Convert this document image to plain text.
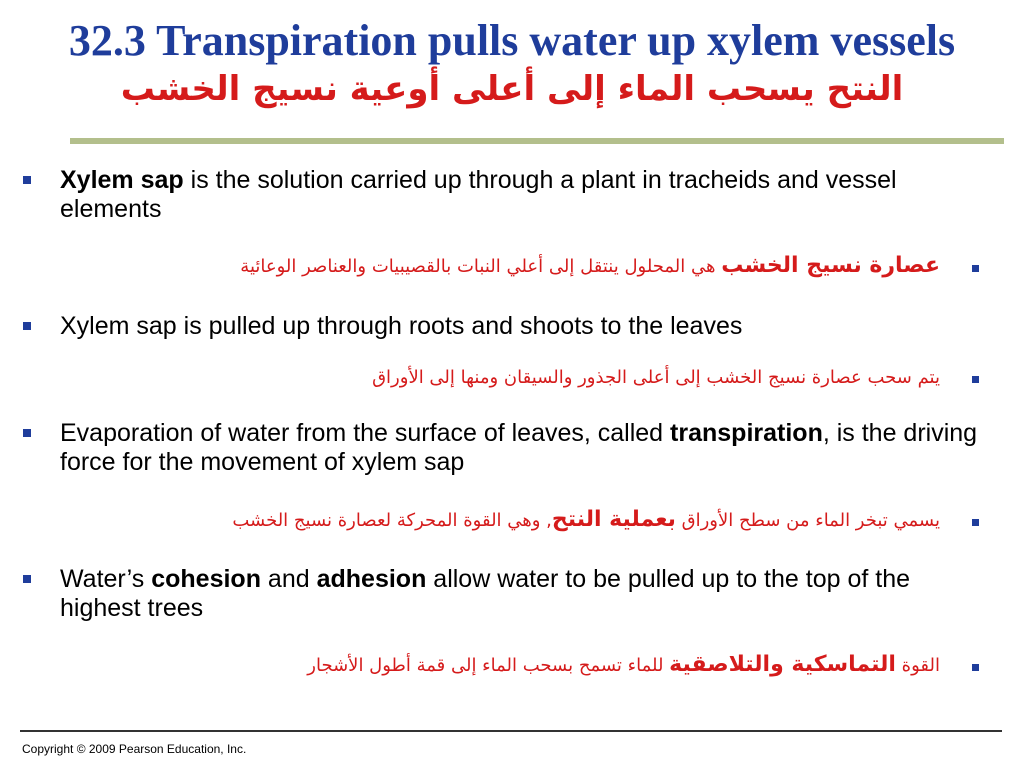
32.3 Transpiration pulls water up xylem vessels
النتح يسحب الماء إلى أعلى أوعية نسيج الخشب
Xylem sap is the solution carried up through a plant in tracheids and vessel elements
عصارة نسيج الخشب هي المحلول ينتقل إلى أعلي النبات بالقصيبيات والعناصر الوعائية
Xylem sap is pulled up through roots and shoots to the leaves
يتم سحب عصارة نسيج الخشب إلى أعلى الجذور والسيقان ومنها إلى الأوراق
Evaporation of water from the surface of leaves, called transpiration, is the driving force for the movement of xylem sap
يسمي تبخر الماء من سطح الأوراق بعملية النتح, وهي القوة المحركة لعصارة نسيج الخشب
Water’s cohesion and adhesion allow water to be pulled up to the top of the highest trees
القوة التماسكية والتلاصقية للماء تسمح بسحب الماء إلى قمة أطول الأشجار
Copyright © 2009 Pearson Education, Inc.
